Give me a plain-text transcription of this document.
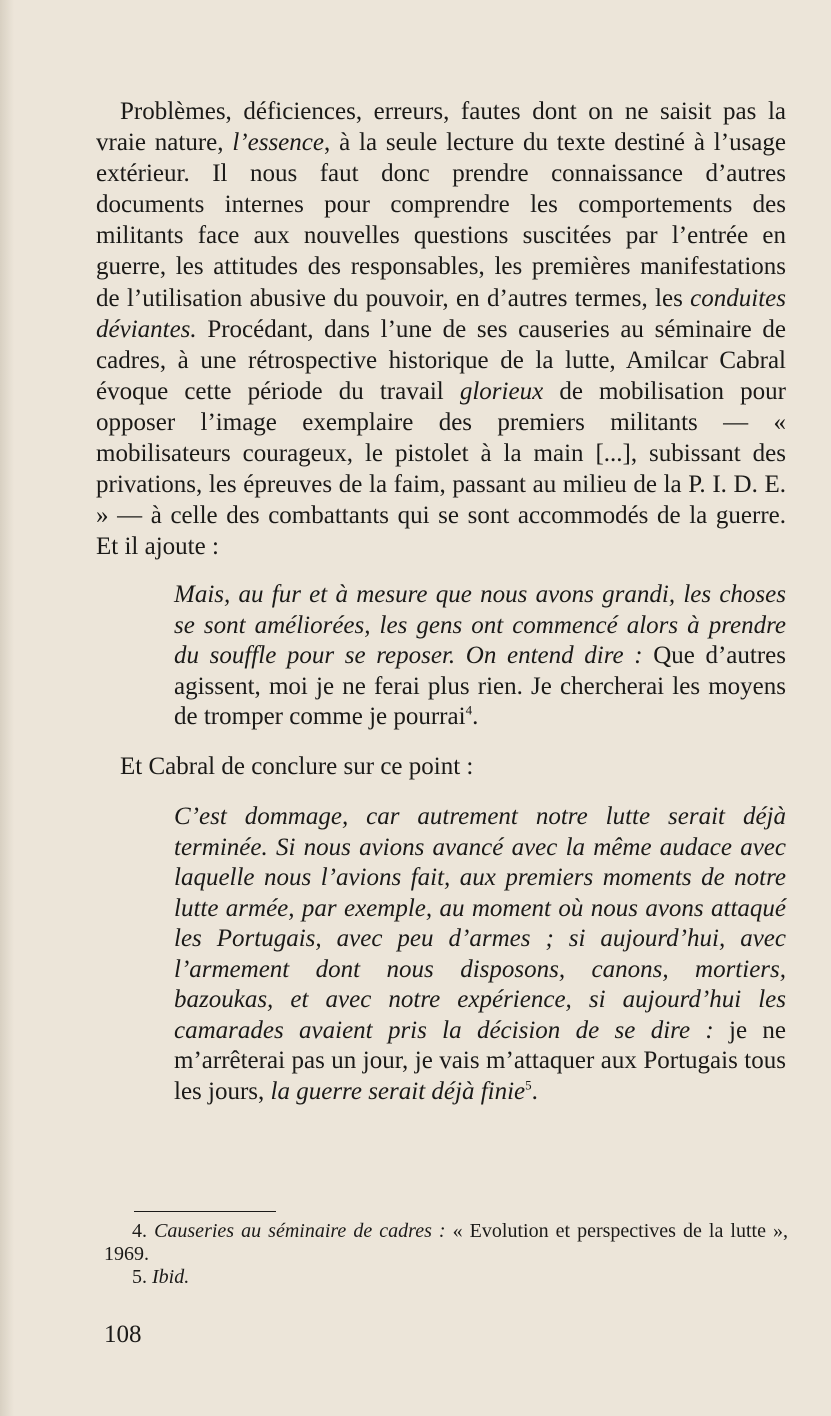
Problèmes, déficiences, erreurs, fautes dont on ne saisit pas la vraie nature, l’essence, à la seule lecture du texte destiné à l’usage extérieur. Il nous faut donc prendre connaissance d’autres documents internes pour comprendre les comportements des militants face aux nouvelles questions suscitées par l’entrée en guerre, les attitudes des responsables, les premières manifestations de l’utilisation abusive du pouvoir, en d’autres termes, les conduites déviantes. Procédant, dans l’une de ses causeries au séminaire de cadres, à une rétrospective historique de la lutte, Amilcar Cabral évoque cette période du travail glorieux de mobilisation pour opposer l’image exemplaire des premiers militants — « mobilisateurs courageux, le pistolet à la main [...], subissant des privations, les épreuves de la faim, passant au milieu de la P. I. D. E. » — à celle des combattants qui se sont accommodés de la guerre. Et il ajoute :

Mais, au fur et à mesure que nous avons grandi, les choses se sont améliorées, les gens ont commencé alors à prendre du souffle pour se reposer. On entend dire : Que d’autres agissent, moi je ne ferai plus rien. Je chercherai les moyens de tromper comme je pourrai$^4$.

Et Cabral de conclure sur ce point :

C’est dommage, car autrement notre lutte serait déjà terminée. Si nous avions avancé avec la même audace avec laquelle nous l’avions fait, aux premiers moments de notre lutte armée, par exemple, au moment où nous avons attaqué les Portugais, avec peu d’armes ; si aujourd’hui, avec l’armement dont nous disposons, canons, mortiers, bazoukas, et avec notre expérience, si aujourd’hui les camarades avaient pris la décision de se dire : je ne m’arrêterai pas un jour, je vais m’attaquer aux Portugais tous les jours, la guerre serait déjà finie$^5$.

4. Causeries au séminaire de cadres : « Evolution et perspectives de la lutte », 1969.

5. Ibid.

108
